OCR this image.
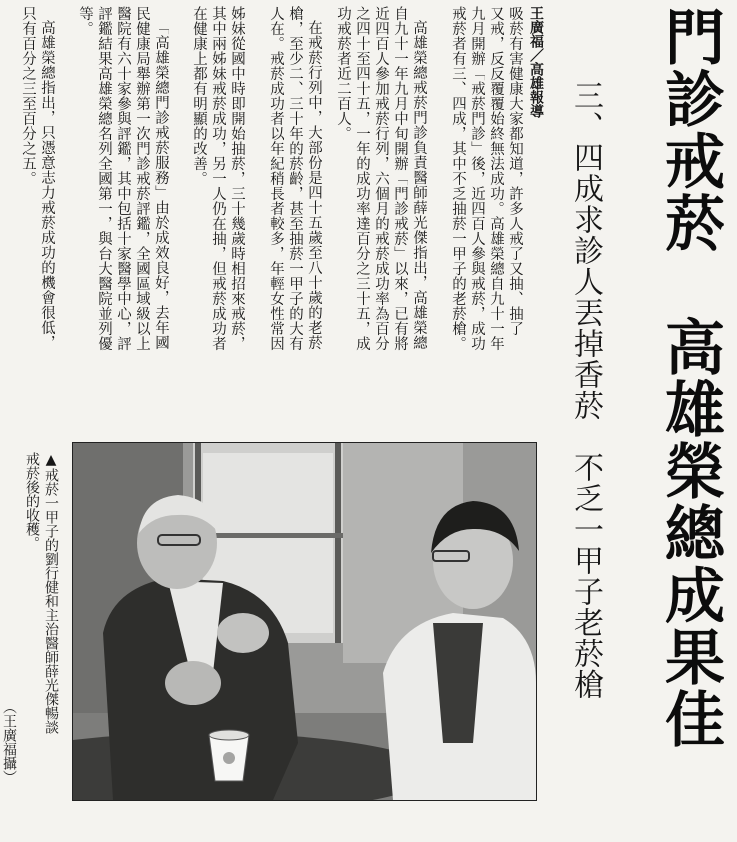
門診戒菸　高雄榮總成果佳
三、四成求診人丟掉香菸　不乏一甲子老菸槍
王廣福／高雄報導
吸菸有害健康大家都知道，許多人戒了又抽、抽了
又戒，反反覆覆始終無法成功。高雄榮總自九十一年
九月開辦「戒菸門診」後，近四百人參與戒菸，成功
戒菸者有三、四成，其中不乏抽菸一甲子的老菸槍。
高雄榮總戒菸門診負責醫師薛光傑指出，高雄榮總
自九十一年九月中旬開辦「門診戒菸」以來，已有將
近四百人參加戒菸行列，六個月的戒菸成功率為百分
之四十至四十五，一年的成功率達百分之三十五，成
功戒菸者近二百人。
在戒菸行列中，大部份是四十五歲至八十歲的老菸
槍，至少二、三十年的菸齡，甚至抽菸一甲子的大有
人在。戒菸成功者以年紀稍長者較多，年輕女性常因
姊妹從國中時即開始抽菸，三十幾歲時相招來戒菸，
其中兩姊妹戒菸成功，另一人仍在抽，但戒菸成功者
在健康上都有明顯的改善。
「高雄榮總門診戒菸服務」由於成效良好，去年國
民健康局舉辦第一次門診戒菸評鑑，全國區域級以上
醫院有六十家參與評鑑，其中包括十家醫學中心，評
評鑑結果高雄榮總名列全國第一，與台大醫院並列優
等。
高雄榮總指出，只憑意志力戒菸成功的機會很低，
只有百分之三至百分之五。
▲戒菸一甲子的劉行健和主治醫師薛光傑暢談
戒菸後的收穫。
（王廣福攝）
